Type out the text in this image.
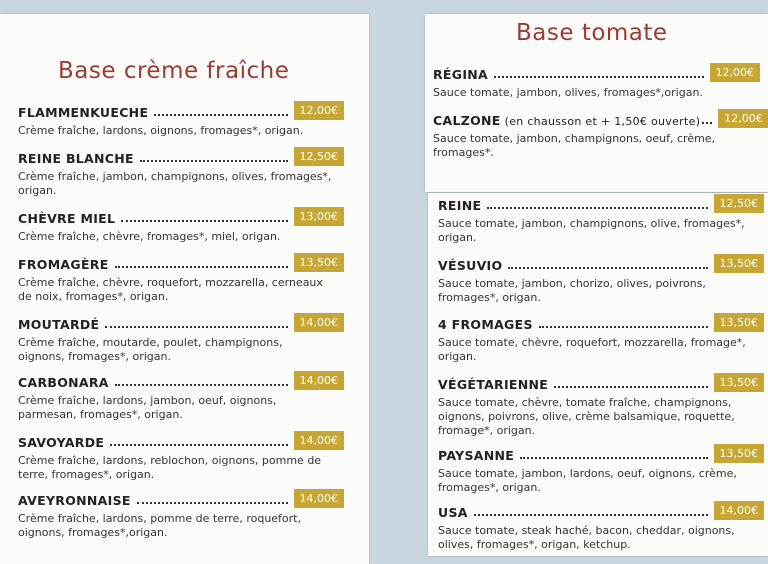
Base crème fraîche
FLAMMENKUECHE	12,00€
Crème fraîche, lardons, oignons, fromages*, origan.
REINE BLANCHE	12,50€
Crème fraîche, jambon, champignons, olives, fromages*,
origan.
CHÈVRE MIEL	13,00€
Crème fraîche, chèvre, fromages*, miel, origan.
FROMAGÈRE	13,50€
Crème fraîche, chèvre, roquefort, mozzarella, cerneaux
de noix, fromages*, origan.
MOUTARDÉ	14,00€
Crème fraîche, moutarde, poulet, champignons,
oignons, fromages*, origan.
CARBONARA	14,00€
Crème fraîche, lardons, jambon, oeuf, oignons,
parmesan, fromages*, origan.
SAVOYARDE	14,00€
Crème fraîche, lardons, reblochon, oignons, pomme de
terre, fromages*, origan.
AVEYRONNAISE	14,00€
Crème fraîche, lardons, pomme de terre, roquefort,
oignons, fromages*,origan.
Base tomate
RÉGINA	12,00€
Sauce tomate, jambon, olives, fromages*,origan.
CALZONE (en chausson et + 1,50€ ouverte)	12,00€
Sauce tomate, jambon, champignons, oeuf, crème,
fromages*.
REINE	12,50€
Sauce tomate, jambon, champignons, olive, fromages*,
origan.
VÉSUVIO	13,50€
Sauce tomate, jambon, chorizo, olives, poivrons,
fromages*, origan.
4 FROMAGES	13,50€
Sauce tomate, chèvre, roquefort, mozzarella, fromage*,
origan.
VÉGÉTARIENNE	13,50€
Sauce tomate, chèvre, tomate fraîche, champignons,
oignons, poivrons, olive, crème balsamique, roquette,
fromage*, origan.
PAYSANNE	13,50€
Sauce tomate, jambon, lardons, oeuf, oignons, crème,
fromages*, origan.
USA	14,00€
Sauce tomate, steak haché, bacon, cheddar, oignons,
olives, fromages*, origan, ketchup.
